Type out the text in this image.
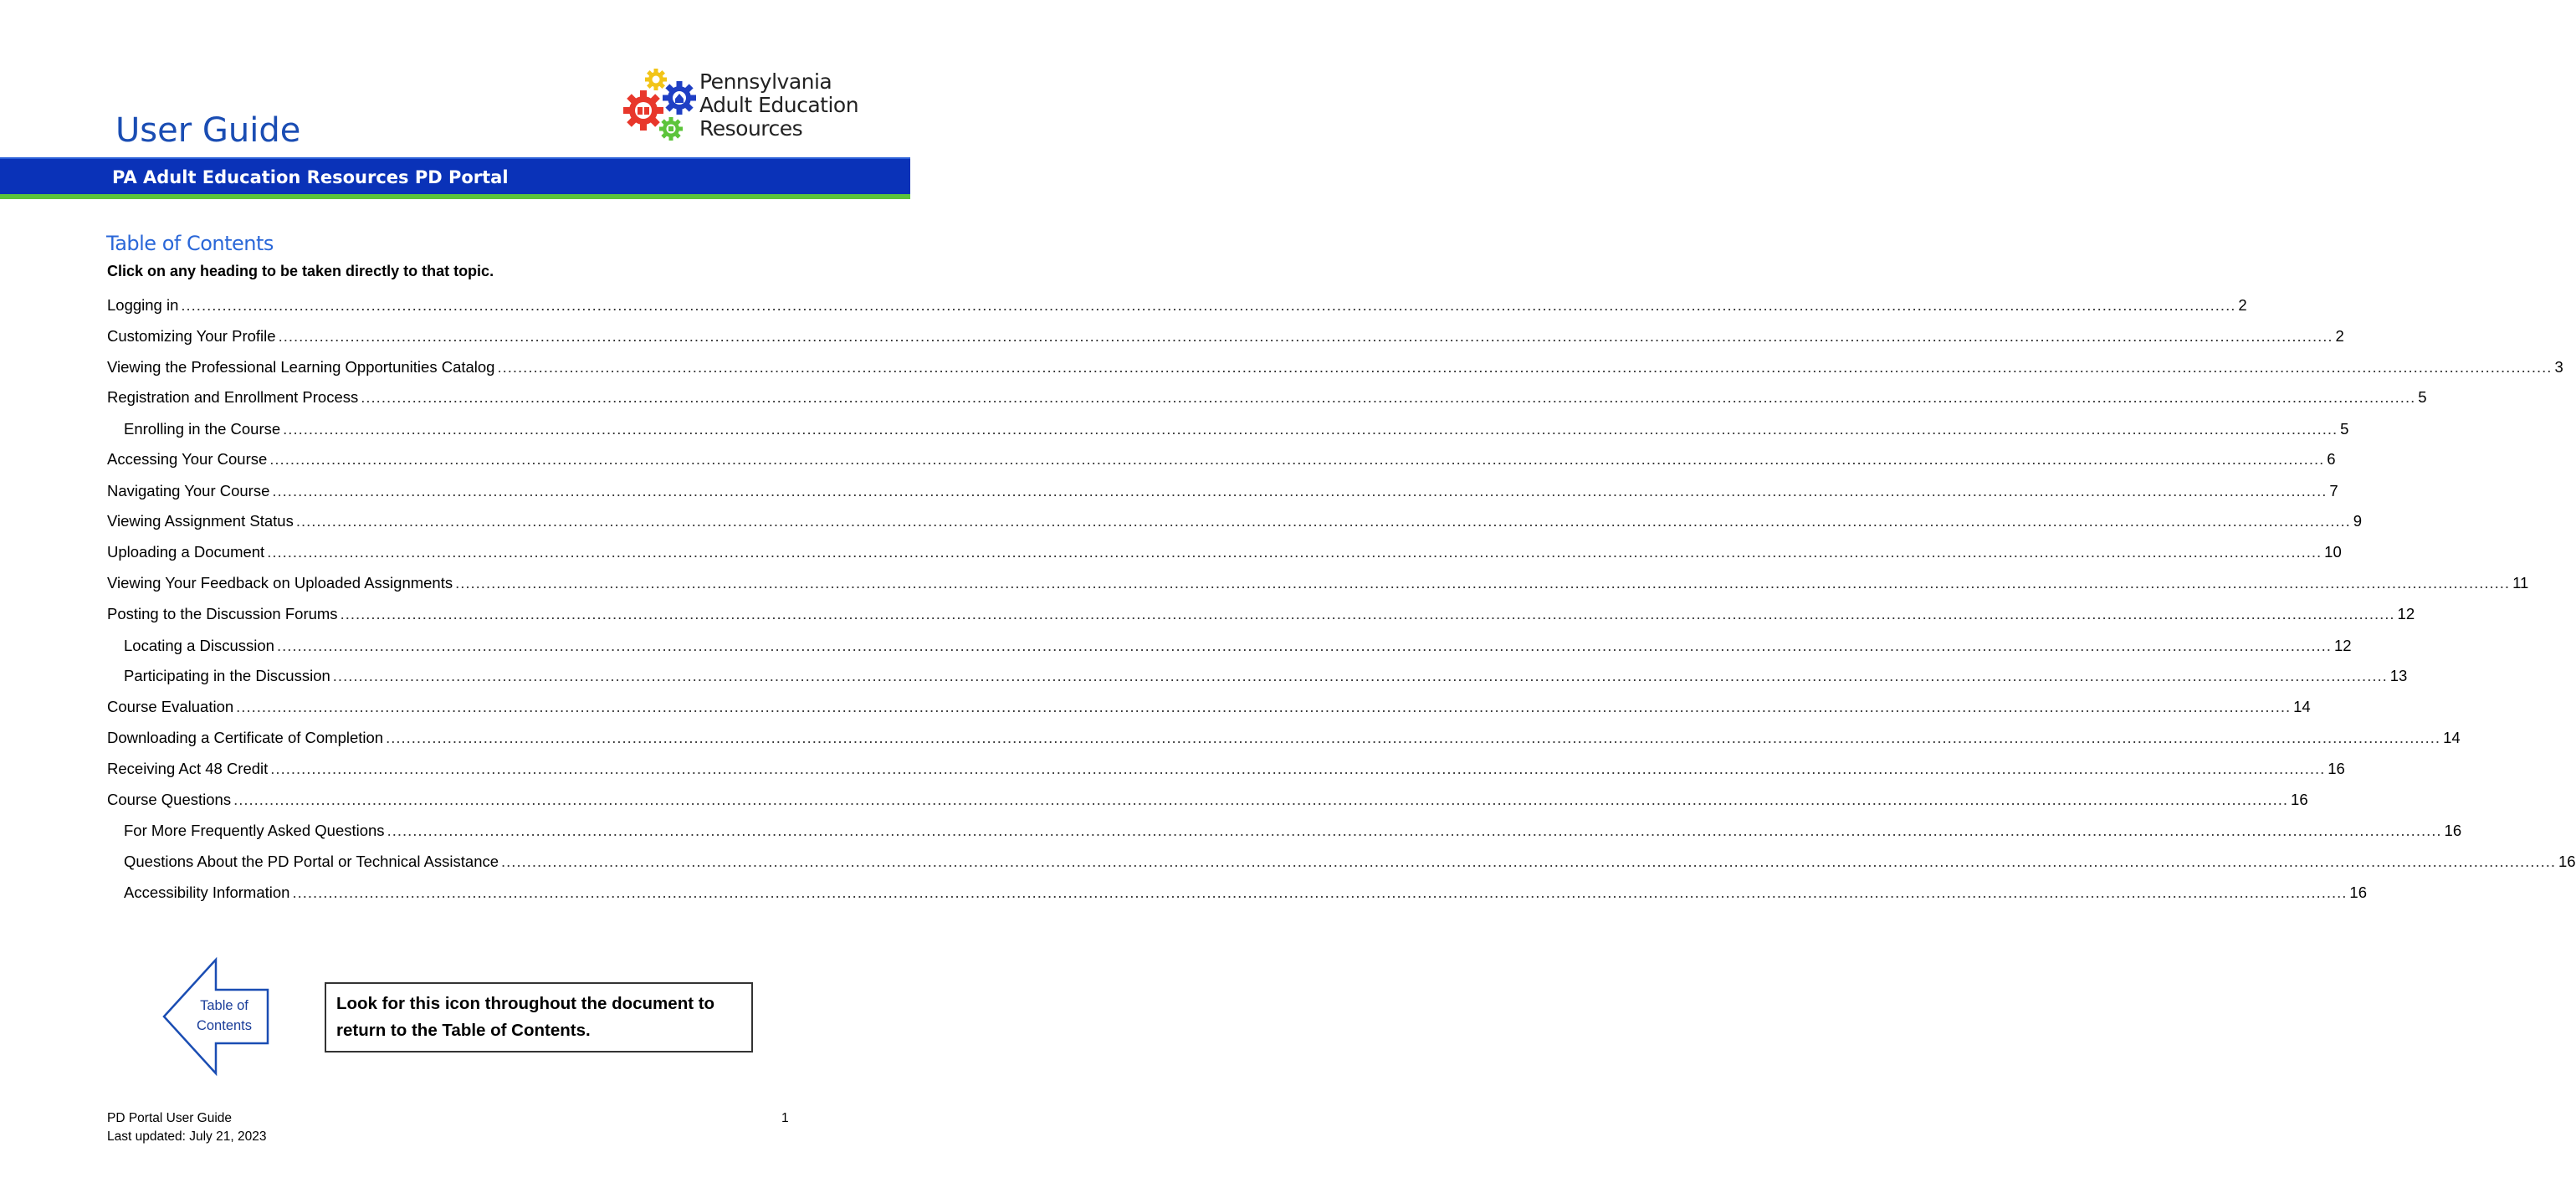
User Guide
Pennsylvania
Adult Education
Resources
PA Adult Education Resources PD Portal
Table of Contents

Click on any heading to be taken directly to that topic.

Logging in ................................................................................................................................................................................................................................................................................................................................................................................................................ 2
Customizing Your Profile ................................................................................................................................................................................................................................................................................................................................................................................................................ 2
Viewing the Professional Learning Opportunities Catalog ................................................................................................................................................................................................................................................................................................................................................................................................................ 3
Registration and Enrollment Process ................................................................................................................................................................................................................................................................................................................................................................................................................ 5
Enrolling in the Course ................................................................................................................................................................................................................................................................................................................................................................................................................ 5
Accessing Your Course ................................................................................................................................................................................................................................................................................................................................................................................................................ 6
Navigating Your Course ................................................................................................................................................................................................................................................................................................................................................................................................................ 7
Viewing Assignment Status ................................................................................................................................................................................................................................................................................................................................................................................................................ 9
Uploading a Document ................................................................................................................................................................................................................................................................................................................................................................................................................ 10
Viewing Your Feedback on Uploaded Assignments ................................................................................................................................................................................................................................................................................................................................................................................................................ 11
Posting to the Discussion Forums ................................................................................................................................................................................................................................................................................................................................................................................................................ 12
Locating a Discussion ................................................................................................................................................................................................................................................................................................................................................................................................................ 12
Participating in the Discussion ................................................................................................................................................................................................................................................................................................................................................................................................................ 13
Course Evaluation ................................................................................................................................................................................................................................................................................................................................................................................................................ 14
Downloading a Certificate of Completion ................................................................................................................................................................................................................................................................................................................................................................................................................ 14
Receiving Act 48 Credit ................................................................................................................................................................................................................................................................................................................................................................................................................ 16
Course Questions ................................................................................................................................................................................................................................................................................................................................................................................................................ 16
For More Frequently Asked Questions ................................................................................................................................................................................................................................................................................................................................................................................................................ 16
Questions About the PD Portal or Technical Assistance ................................................................................................................................................................................................................................................................................................................................................................................................................ 16
Accessibility Information ................................................................................................................................................................................................................................................................................................................................................................................................................ 16
Table of
Contents

Look for this icon throughout the document to return to the Table of Contents.

PD Portal User Guide
Last updated: July 21, 2023
1
